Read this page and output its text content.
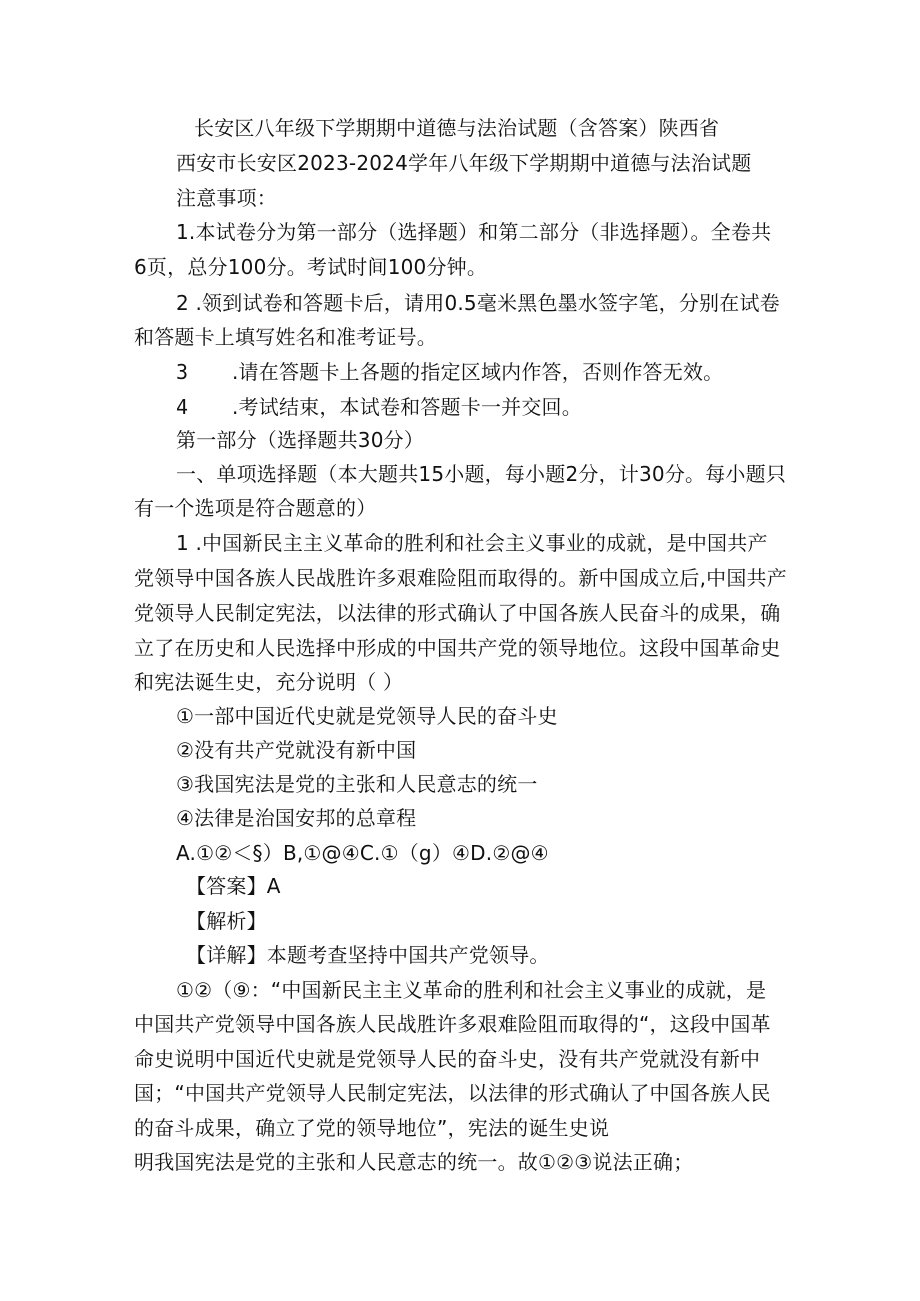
长安区八年级下学期期中道德与法治试题（含答案）陕西省
西安市长安区2023-2024学年八年级下学期期中道德与法治试题
注意事项：
1.本试卷分为第一部分（选择题）和第二部分（非选择题）。全卷共
6页，总分100分。考试时间100分钟。
2 .领到试卷和答题卡后，请用0.5毫米黑色墨水签字笔，分别在试卷
和答题卡上填写姓名和准考证号。
3 .请在答题卡上各题的指定区域内作答，否则作答无效。
4 .考试结束，本试卷和答题卡一并交回。
第一部分（选择题共30分）
一、单项选择题（本大题共15小题，每小题2分，计30分。每小题只
有一个选项是符合题意的）
1 .中国新民主主义革命的胜利和社会主义事业的成就，是中国共产
党领导中国各族人民战胜许多艰难险阻而取得的。新中国成立后,中国共产
党领导人民制定宪法，以法律的形式确认了中国各族人民奋斗的成果，确
立了在历史和人民选择中形成的中国共产党的领导地位。这段中国革命史
和宪法诞生史，充分说明（ ）
①一部中国近代史就是党领导人民的奋斗史
②没有共产党就没有新中国
③我国宪法是党的主张和人民意志的统一
④法律是治国安邦的总章程
A.①②＜§）B,①@④C.①（g）④D.②@④
【答案】A
【解析】
【详解】本题考查坚持中国共产党领导。
①②（⑨：“中国新民主主义革命的胜利和社会主义事业的成就，是
中国共产党领导中国各族人民战胜许多艰难险阻而取得的“，这段中国革
命史说明中国近代史就是党领导人民的奋斗史，没有共产党就没有新中
国；“中国共产党领导人民制定宪法，以法律的形式确认了中国各族人民
的奋斗成果，确立了党的领导地位”，宪法的诞生史说
明我国宪法是党的主张和人民意志的统一。故①②③说法正确；
